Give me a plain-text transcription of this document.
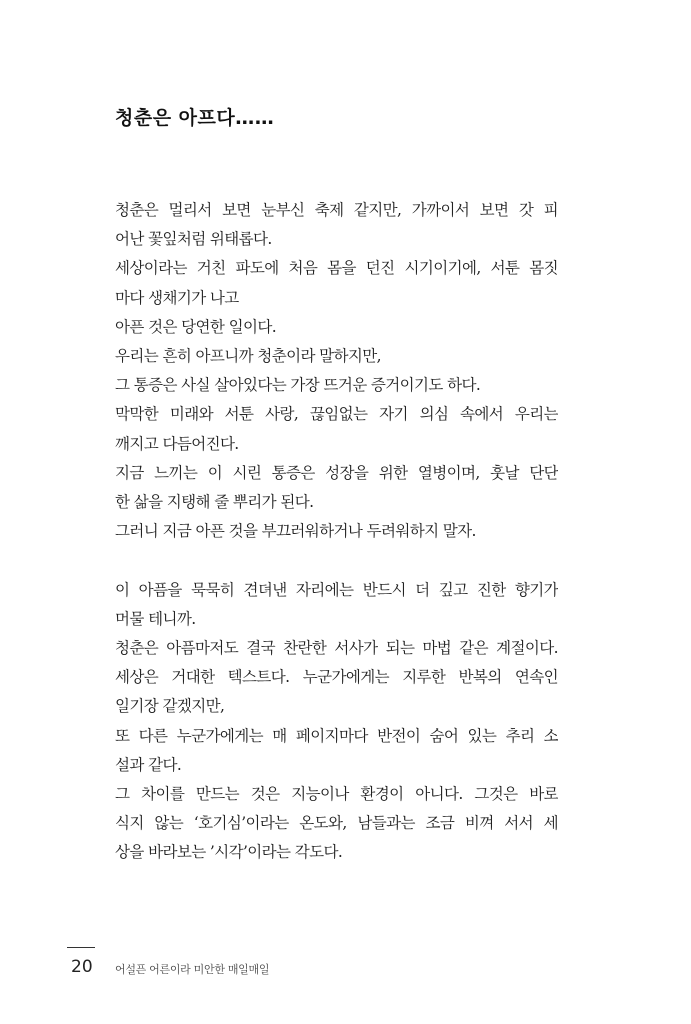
청춘은 아프다……
청춘은 멀리서 보면 눈부신 축제 같지만, 가까이서 보면 갓 피
어난 꽃잎처럼 위태롭다.
세상이라는 거친 파도에 처음 몸을 던진 시기이기에, 서툰 몸짓
마다 생채기가 나고
아픈 것은 당연한 일이다.
우리는 흔히 아프니까 청춘이라 말하지만,
그 통증은 사실 살아있다는 가장 뜨거운 증거이기도 하다.
막막한 미래와 서툰 사랑, 끊임없는 자기 의심 속에서 우리는
깨지고 다듬어진다.
지금 느끼는 이 시린 통증은 성장을 위한 열병이며, 훗날 단단
한 삶을 지탱해 줄 뿌리가 된다.
그러니 지금 아픈 것을 부끄러워하거나 두려워하지 말자.
이 아픔을 묵묵히 견뎌낸 자리에는 반드시 더 깊고 진한 향기가
머물 테니까.
청춘은 아픔마저도 결국 찬란한 서사가 되는 마법 같은 계절이다.
세상은 거대한 텍스트다. 누군가에게는 지루한 반복의 연속인
일기장 같겠지만,
또 다른 누군가에게는 매 페이지마다 반전이 숨어 있는 추리 소
설과 같다.
그 차이를 만드는 것은 지능이나 환경이 아니다. 그것은 바로
식지 않는 ‘호기심’이라는 온도와, 남들과는 조금 비껴 서서 세
상을 바라보는 ’시각’이라는 각도다.
20 어설픈 어른이라 미안한 매일매일
